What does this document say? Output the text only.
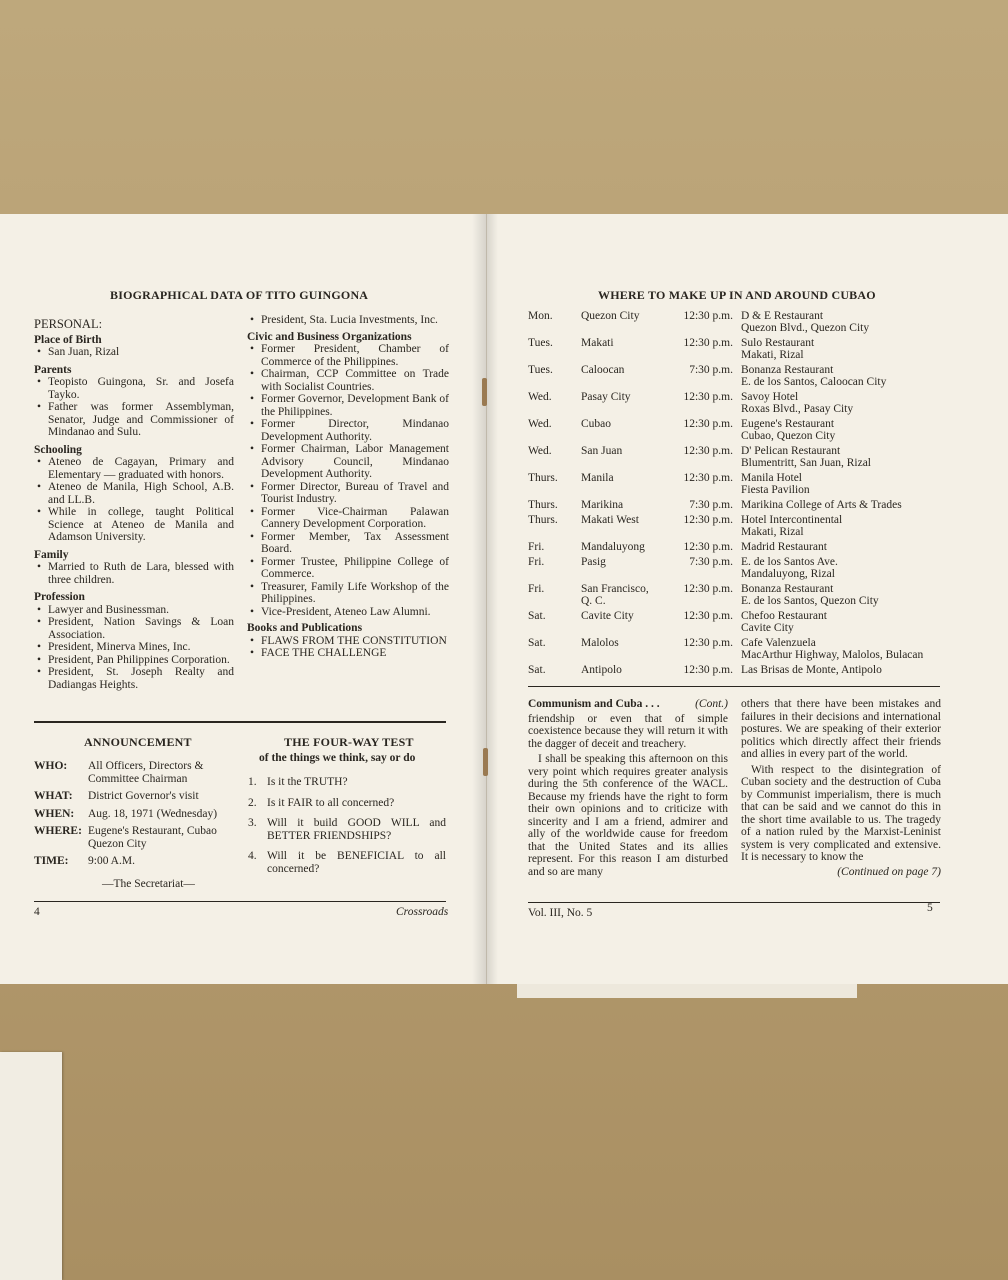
BIOGRAPHICAL DATA OF TITO GUINGONA
PERSONAL:
Place of Birth
• San Juan, Rizal
Parents
• Teopisto Guingona, Sr. and Josefa Tayko.
• Father was former Assemblyman, Senator, Judge and Commissioner of Mindanao and Sulu.
Schooling
• Ateneo de Cagayan, Primary and Elementary — graduated with honors.
• Ateneo de Manila, High School, A.B. and LL.B.
• While in college, taught Political Science at Ateneo de Manila and Adamson University.
Family
• Married to Ruth de Lara, blessed with three children.
Profession
• Lawyer and Businessman.
• President, Nation Savings & Loan Association.
• President, Minerva Mines, Inc.
• President, Pan Philippines Corporation.
• President, St. Joseph Realty and Dadiangas Heights.
• President, Sta. Lucia Investments, Inc.
Civic and Business Organizations
• Former President, Chamber of Commerce of the Philippines.
• Chairman, CCP Committee on Trade with Socialist Countries.
• Former Governor, Development Bank of the Philippines.
• Former Director, Mindanao Development Authority.
• Former Chairman, Labor Management Advisory Council, Mindanao Development Authority.
• Former Director, Bureau of Travel and Tourist Industry.
• Former Vice-Chairman Palawan Cannery Development Corporation.
• Former Member, Tax Assessment Board.
• Former Trustee, Philippine College of Commerce.
• Treasurer, Family Life Workshop of the Philippines.
• Vice-President, Ateneo Law Alumni.
Books and Publications
• FLAWS FROM THE CONSTITUTION
• FACE THE CHALLENGE
ANNOUNCEMENT
WHO:	All Officers, Directors & Committee Chairman
WHAT:	District Governor's visit
WHEN:	Aug. 18, 1971 (Wednesday)
WHERE: Eugene's Restaurant, Cubao Quezon City
TIME:	9:00 A.M.
—The Secretariat—
THE FOUR-WAY TEST
of the things we think, say or do
1. Is it the TRUTH?
2. Is it FAIR to all concerned?
3. Will it build GOOD WILL and BETTER FRIENDSHIPS?
4. Will it be BENEFICIAL to all concerned?
4	Crossroads
WHERE TO MAKE UP IN AND AROUND CUBAO
Mon.	Quezon City	12:30 p.m. D & E Restaurant
Quezon Blvd., Quezon City
Tues.	Makati	12:30 p.m. Sulo Restaurant
Makati, Rizal
Tues.	Caloocan	7:30 p.m. Bonanza Restaurant
E. de los Santos, Caloocan City
Wed.	Pasay City	12:30 p.m. Savoy Hotel
Roxas Blvd., Pasay City
Wed.	Cubao	12:30 p.m. Eugene's Restaurant
Cubao, Quezon City
Wed.	San Juan	12:30 p.m. D' Pelican Restaurant
Blumentritt, San Juan, Rizal
Thurs.	Manila	12:30 p.m. Manila Hotel
Fiesta Pavilion
Thurs.	Marikina	7:30 p.m. Marikina College of Arts & Trades
Thurs.	Makati West	12:30 p.m. Hotel Intercontinental
Makati, Rizal
Fri.	Mandaluyong	12:30 p.m. Madrid Restaurant
Fri.	Pasig	7:30 p.m. E. de los Santos Ave.
Mandaluyong, Rizal
Fri.	San Francisco,	12:30 p.m. Bonanza Restaurant
Q. C.	E. de los Santos, Quezon City
Sat.	Cavite City	12:30 p.m. Chefoo Restaurant
Cavite City
Sat.	Malolos	12:30 p.m. Cafe Valenzuela
MacArthur Highway, Malolos, Bulacan
Sat.	Antipolo	12:30 p.m. Las Brisas de Monte, Antipolo
Communism and Cuba . . .	(Cont.)
friendship or even that of simple coexistence because they will return it with the dagger of deceit and treachery.
I shall be speaking this afternoon on this very point which requires greater analysis during the 5th conference of the WACL. Because my friends have the right to form their own opinions and to criticize with sincerity and I am a friend, admirer and ally of the worldwide cause for freedom that the United States and its allies represent. For this reason I am disturbed and so are many
others that there have been mistakes and failures in their decisions and international postures. We are speaking of their exterior politics which directly affect their friends and allies in every part of the world.
With respect to the disintegration of Cuban society and the destruction of Cuba by Communist imperialism, there is much that can be said and we cannot do this in the short time available to us. The tragedy of a nation ruled by the Marxist-Leninist system is very complicated and extensive. It is necessary to know the
(Continued on page 7)
Vol. III, No. 5	5
